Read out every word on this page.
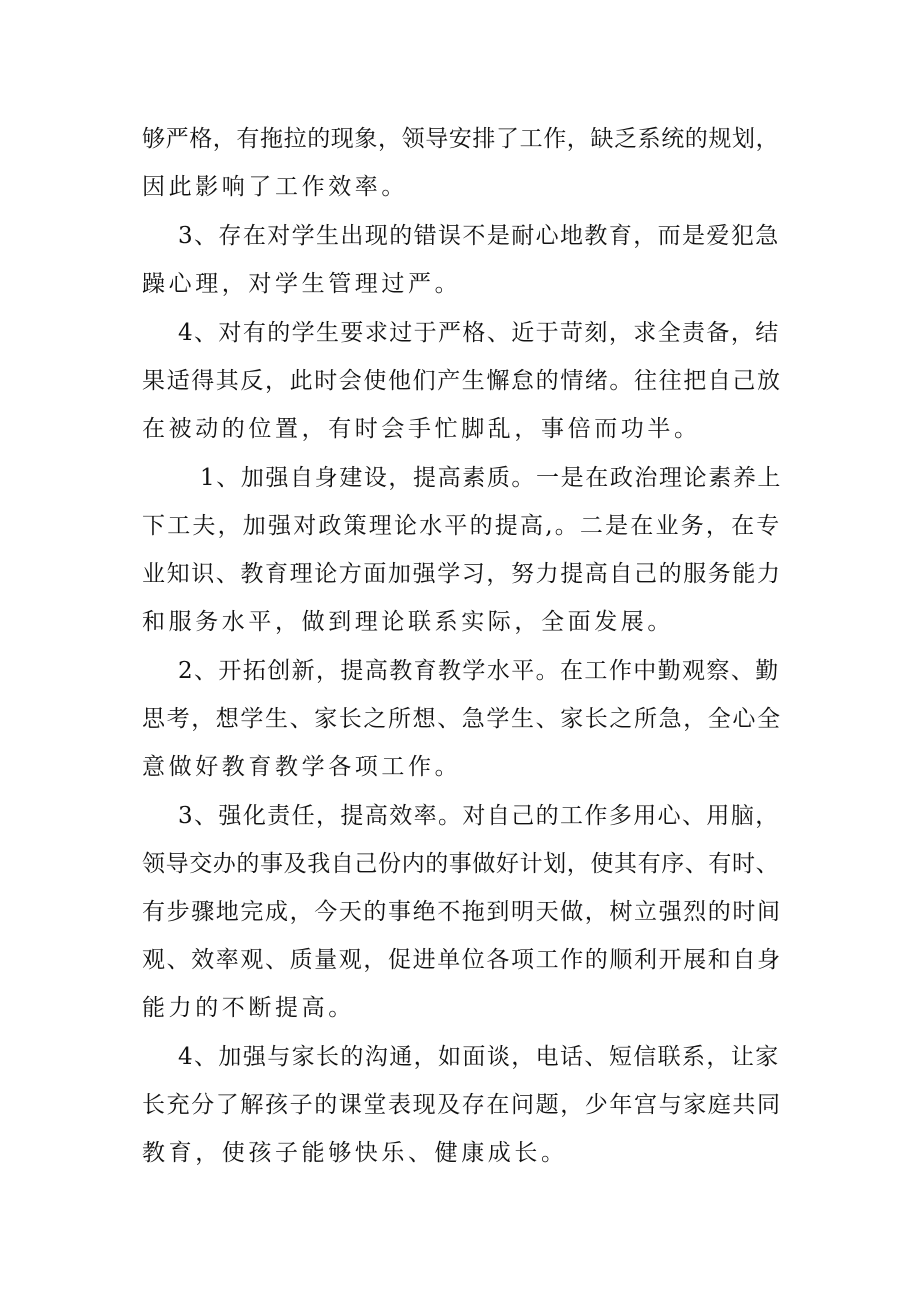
够严格，有拖拉的现象，领导安排了工作，缺乏系统的规划，
因此影响了工作效率。
3、存在对学生出现的错误不是耐心地教育，而是爱犯急
躁心理，对学生管理过严。
4、对有的学生要求过于严格、近于苛刻，求全责备，结
果适得其反，此时会使他们产生懈怠的情绪。往往把自己放
在被动的位置，有时会手忙脚乱，事倍而功半。
1、加强自身建设，提高素质。一是在政治理论素养上
下工夫，加强对政策理论水平的提高,。二是在业务，在专
业知识、教育理论方面加强学习，努力提高自己的服务能力
和服务水平，做到理论联系实际，全面发展。
2、开拓创新，提高教育教学水平。在工作中勤观察、勤
思考，想学生、家长之所想、急学生、家长之所急，全心全
意做好教育教学各项工作。
3、强化责任，提高效率。对自己的工作多用心、用脑，
领导交办的事及我自己份内的事做好计划，使其有序、有时、
有步骤地完成，今天的事绝不拖到明天做，树立强烈的时间
观、效率观、质量观，促进单位各项工作的顺利开展和自身
能力的不断提高。
4、加强与家长的沟通，如面谈，电话、短信联系，让家
长充分了解孩子的课堂表现及存在问题，少年宫与家庭共同
教育，使孩子能够快乐、健康成长。
